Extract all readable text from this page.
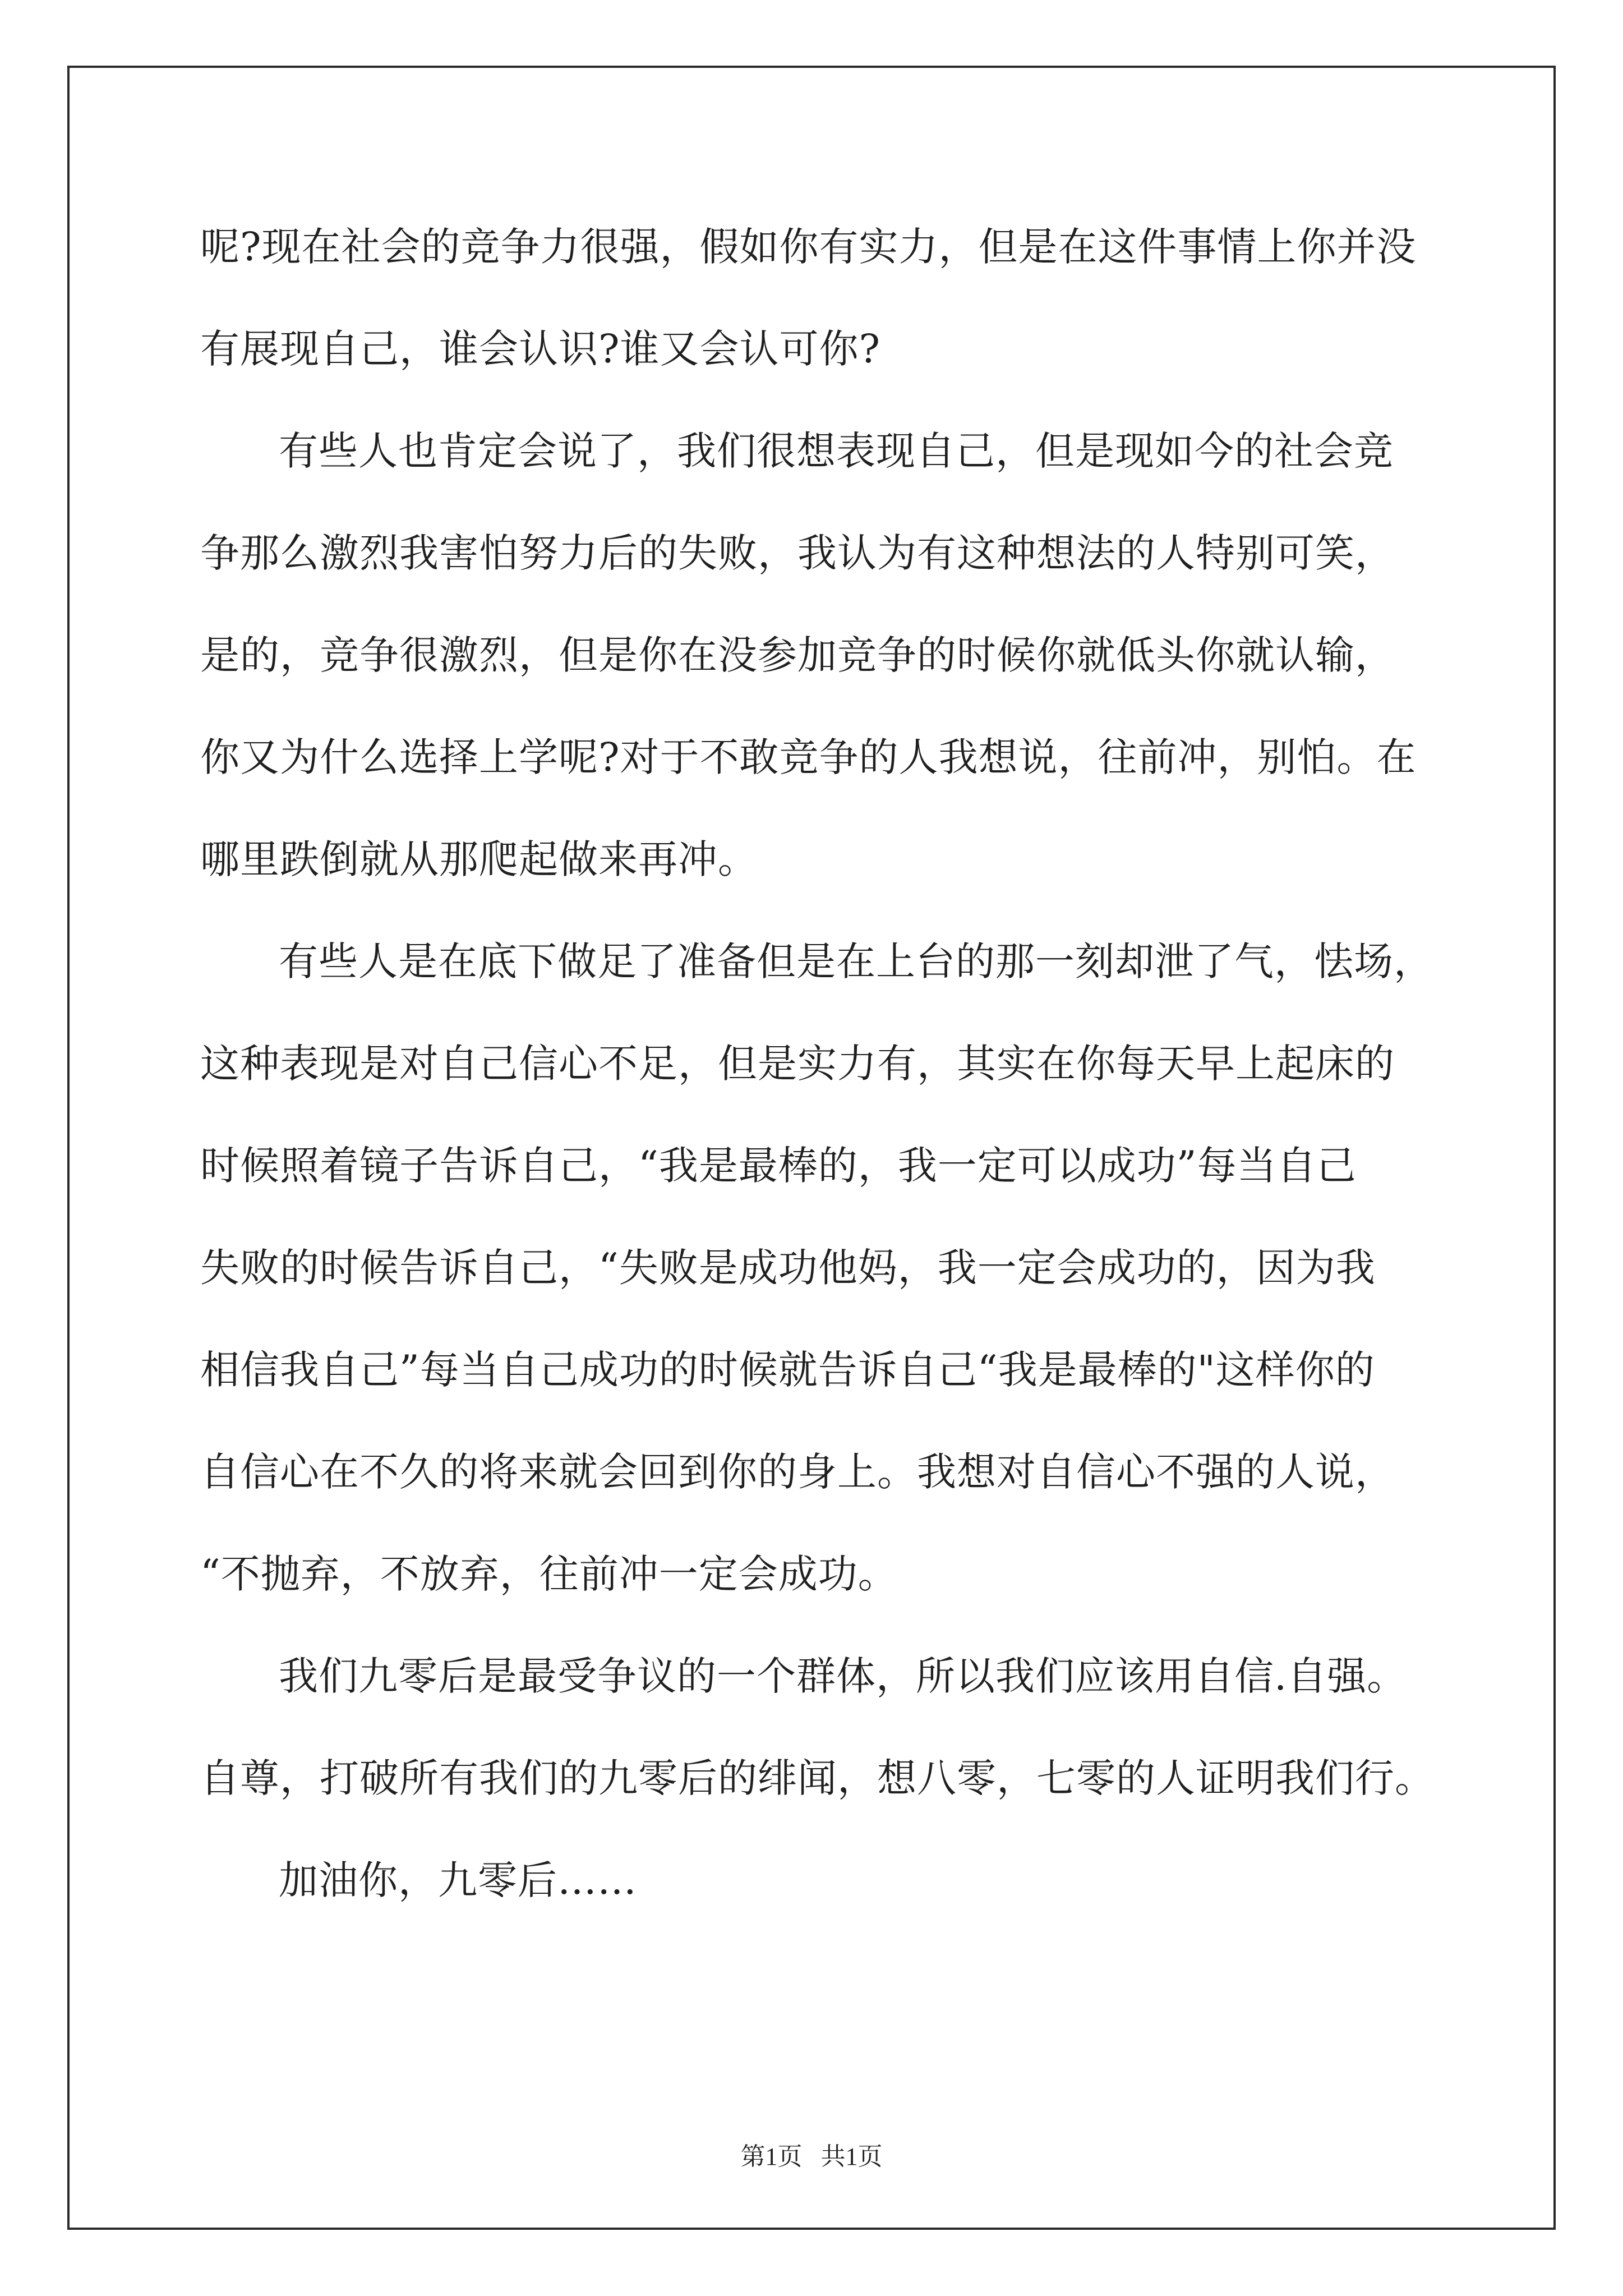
呢?现在社会的竞争力很强，假如你有实力，但是在这件事情上你并没
有展现自己，谁会认识?谁又会认可你?
有些人也肯定会说了，我们很想表现自己，但是现如今的社会竞
争那么激烈我害怕努力后的失败，我认为有这种想法的人特别可笑，
是的，竞争很激烈，但是你在没参加竞争的时候你就低头你就认输，
你又为什么选择上学呢?对于不敢竞争的人我想说，往前冲，别怕。在
哪里跌倒就从那爬起做来再冲。
有些人是在底下做足了准备但是在上台的那一刻却泄了气，怯场，
这种表现是对自己信心不足，但是实力有，其实在你每天早上起床的
时候照着镜子告诉自己，“我是最棒的，我一定可以成功”每当自己
失败的时候告诉自己，“失败是成功他妈，我一定会成功的，因为我
相信我自己”每当自己成功的时候就告诉自己“我是最棒的"这样你的
自信心在不久的将来就会回到你的身上。我想对自信心不强的人说，
“不抛弃，不放弃，往前冲一定会成功。
我们九零后是最受争议的一个群体，所以我们应该用自信.自强。
自尊，打破所有我们的九零后的绯闻，想八零，七零的人证明我们行。
加油你，九零后……
第1页   共1页
